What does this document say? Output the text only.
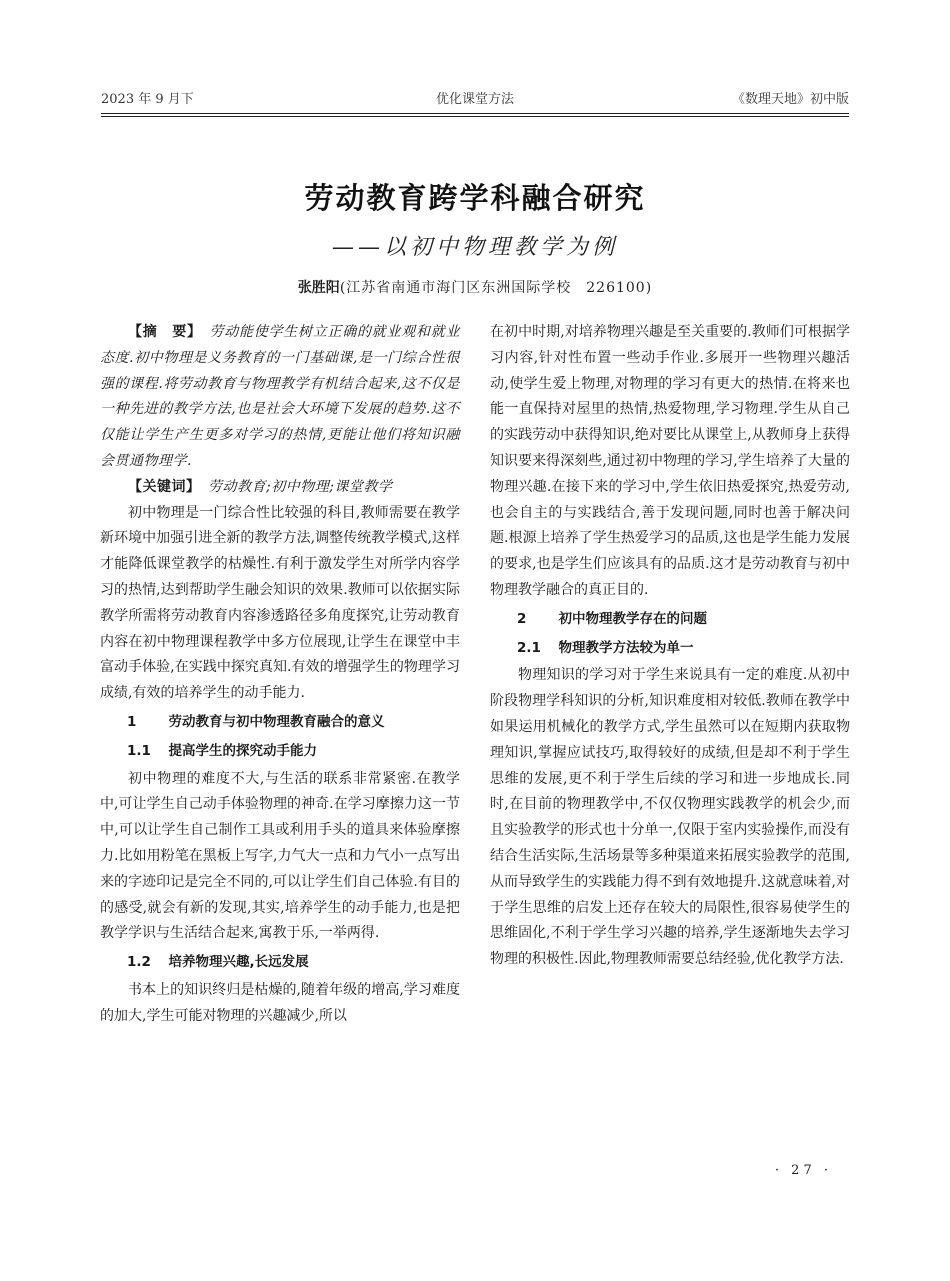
2023 年 9 月下	优化课堂方法	《数理天地》初中版
劳动教育跨学科融合研究
——以初中物理教学为例
张胜阳(江苏省南通市海门区东洲国际学校　226100)

【摘　要】　 劳动能使学生树立正确的就业观和就业态度.初中物理是义务教育的一门基础课,是一门综合性很强的课程.将劳动教育与物理教学有机结合起来,这不仅是一种先进的教学方法,也是社会大环境下发展的趋势.这不仅能让学生产生更多对学习的热情,更能让他们将知识融会贯通物理学.

【关键词】　 劳动教育;初中物理;课堂教学

初中物理是一门综合性比较强的科目,教师需要在教学新环境中加强引进全新的教学方法,调整传统教学模式,这样才能降低课堂教学的枯燥性.有利于激发学生对所学内容学习的热情,达到帮助学生融会知识的效果.教师可以依据实际教学所需将劳动教育内容渗透路径多角度探究,让劳动教育内容在初中物理课程教学中多方位展现,让学生在课堂中丰富动手体验,在实践中探究真知.有效的增强学生的物理学习成绩,有效的培养学生的动手能力.

1  劳动教育与初中物理教育融合的意义
1.1  提高学生的探究动手能力

初中物理的难度不大,与生活的联系非常紧密.在教学中,可让学生自己动手体验物理的神奇.在学习摩擦力这一节中,可以让学生自己制作工具或利用手头的道具来体验摩擦力.比如用粉笔在黑板上写字,力气大一点和力气小一点写出来的字迹印记是完全不同的,可以让学生们自己体验.有目的的感受,就会有新的发现,其实,培养学生的动手能力,也是把教学学识与生活结合起来,寓教于乐,一举两得.

1.2  培养物理兴趣,长远发展

书本上的知识终归是枯燥的,随着年级的增高,学习难度的加大,学生可能对物理的兴趣减少,所以

在初中时期,对培养物理兴趣是至关重要的.教师们可根据学习内容,针对性布置一些动手作业.多展开一些物理兴趣活动,使学生爱上物理,对物理的学习有更大的热情.在将来也能一直保持对屋里的热情,热爱物理,学习物理.学生从自己的实践劳动中获得知识,绝对要比从课堂上,从教师身上获得知识要来得深刻些,通过初中物理的学习,学生培养了大量的物理兴趣.在接下来的学习中,学生依旧热爱探究,热爱劳动,也会自主的与实践结合,善于发现问题,同时也善于解决问题.根源上培养了学生热爱学习的品质,这也是学生能力发展的要求,也是学生们应该具有的品质.这才是劳动教育与初中物理教学融合的真正目的.

2  初中物理教学存在的问题
2.1  物理教学方法较为单一

物理知识的学习对于学生来说具有一定的难度.从初中阶段物理学科知识的分析,知识难度相对较低.教师在教学中如果运用机械化的教学方式,学生虽然可以在短期内获取物理知识,掌握应试技巧,取得较好的成绩,但是却不利于学生思维的发展,更不利于学生后续的学习和进一步地成长.同时,在目前的物理教学中,不仅仅物理实践教学的机会少,而且实验教学的形式也十分单一,仅限于室内实验操作,而没有结合生活实际,生活场景等多种渠道来拓展实验教学的范围,从而导致学生的实践能力得不到有效地提升.这就意味着,对于学生思维的启发上还存在较大的局限性,很容易使学生的思维固化,不利于学生学习兴趣的培养,学生逐渐地失去学习物理的积极性.因此,物理教师需要总结经验,优化教学方法.

· 27 ·
